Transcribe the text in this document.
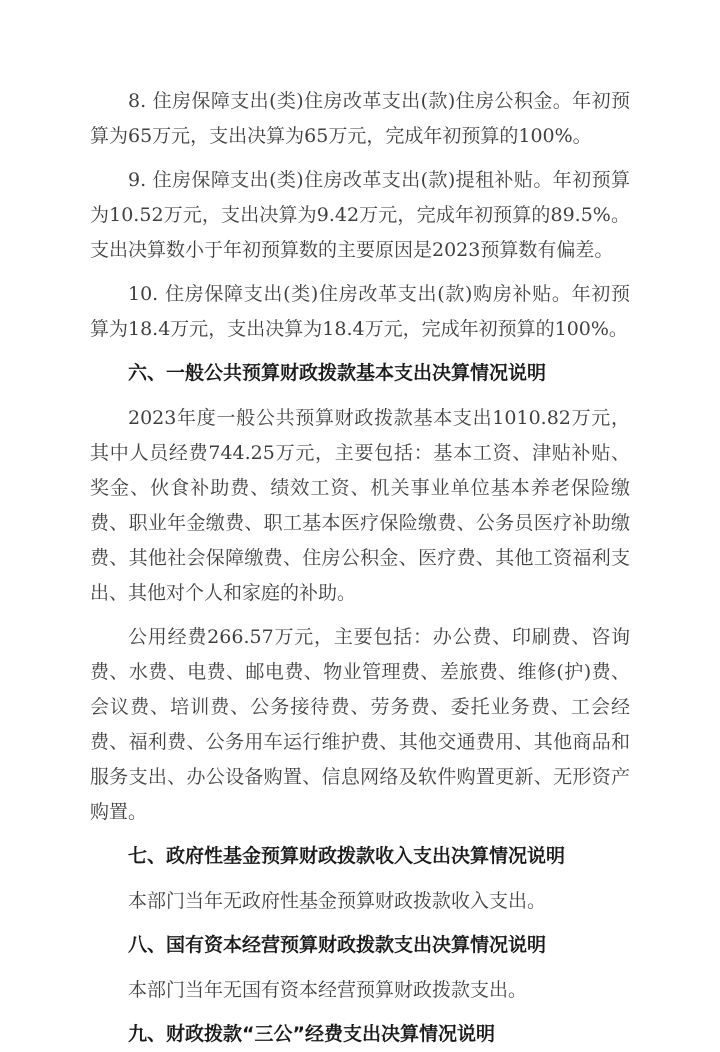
8. 住房保障支出(类)住房改革支出(款)住房公积金。年初预算为65万元，支出决算为65万元，完成年初预算的100%。

9. 住房保障支出(类)住房改革支出(款)提租补贴。年初预算为10.52万元，支出决算为9.42万元，完成年初预算的89.5%。支出决算数小于年初预算数的主要原因是2023预算数有偏差。

10. 住房保障支出(类)住房改革支出(款)购房补贴。年初预算为18.4万元，支出决算为18.4万元，完成年初预算的100%。

六、一般公共预算财政拨款基本支出决算情况说明

2023年度一般公共预算财政拨款基本支出1010.82万元，其中人员经费744.25万元，主要包括：基本工资、津贴补贴、奖金、伙食补助费、绩效工资、机关事业单位基本养老保险缴费、职业年金缴费、职工基本医疗保险缴费、公务员医疗补助缴费、其他社会保障缴费、住房公积金、医疗费、其他工资福利支出、其他对个人和家庭的补助。

公用经费266.57万元，主要包括：办公费、印刷费、咨询费、水费、电费、邮电费、物业管理费、差旅费、维修(护)费、会议费、培训费、公务接待费、劳务费、委托业务费、工会经费、福利费、公务用车运行维护费、其他交通费用、其他商品和服务支出、办公设备购置、信息网络及软件购置更新、无形资产购置。

七、政府性基金预算财政拨款收入支出决算情况说明

本部门当年无政府性基金预算财政拨款收入支出。

八、国有资本经营预算财政拨款支出决算情况说明

本部门当年无国有资本经营预算财政拨款支出。

九、财政拨款“三公”经费支出决算情况说明
